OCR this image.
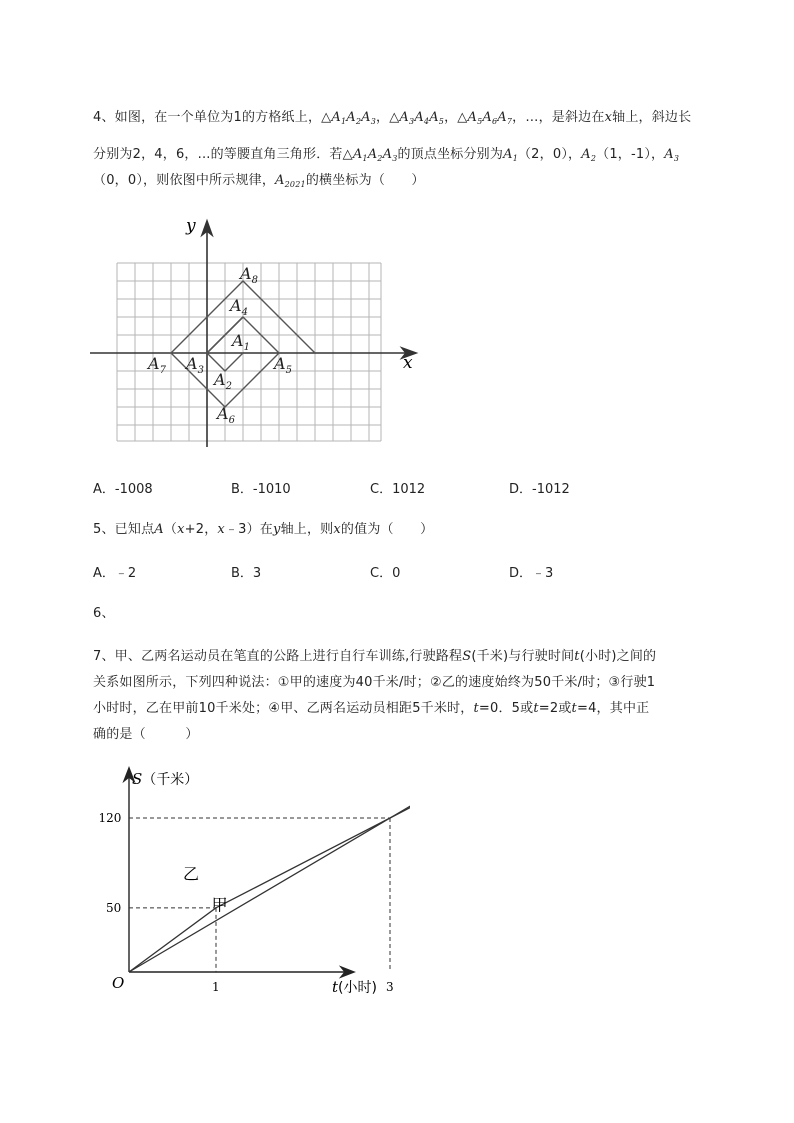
4、如图，在一个单位为1的方格纸上，$\triangle A_1A_2A_3$，$\triangle A_3A_4A_5$，$\triangle A_5A_6A_7$，…，是斜边在x轴上，斜边长
分别为2，4，6，...的等腰直角三角形．若$\triangle A_1A_2A_3$的顶点坐标分别为$A_1(2$，0），$A_2(1$，-1），$A_3$
（0，0），则依图中所示规律，$A_{2021}$的横坐标为（　　）
y
x
$A_8$
$A_4$
$A_1$
$A_7$ $A_3$	$A_5$
$A_2$
$A_6$
A．-1008	B．-1010	C．1012	D．-1012
5、已知点A（x+2，x﹣3）在y轴上，则x的值为（　　）
A．﹣2	B．3	C．0	D．﹣3
6、
7、甲、乙两名运动员在笔直的公路上进行自行车训练,行驶路程S(千米)与行驶时间t(小时)之间的
关系如图所示，下列四种说法：①甲的速度为40千米/时；②乙的速度始终为50千米/时；③行驶1
小时时，乙在甲前10千米处；④甲、乙两名运动员相距5千米时，t=0．5或t=2或t=4，其中正
确的是（　　　）
1	3
50
120
乙
甲
S（千米）
t(小时)
O
